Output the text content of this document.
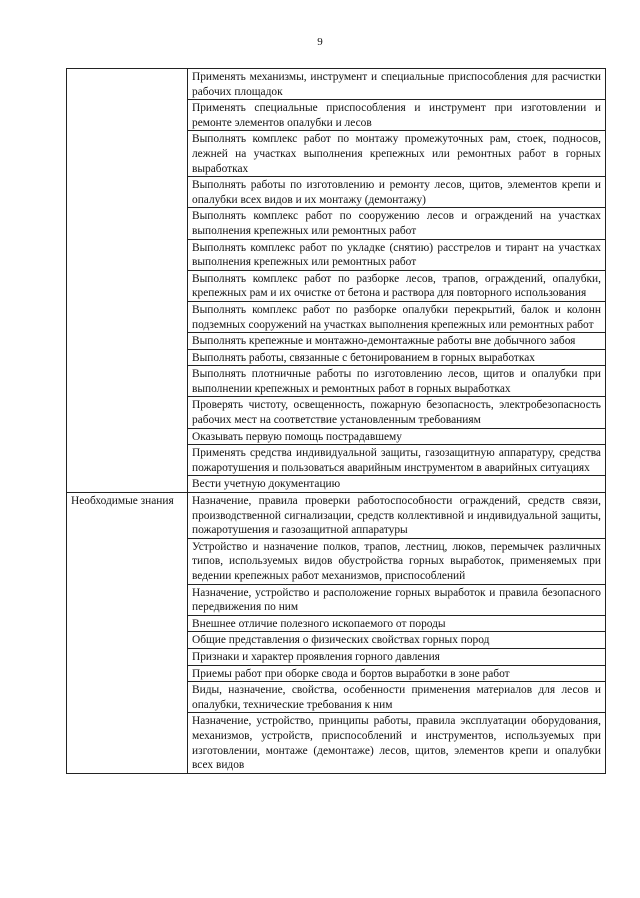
9

	Применять механизмы, инструмент и специальные приспособления для расчистки рабочих площадок

	Применять специальные приспособления и инструмент при изготовлении и ремонте элементов опалубки и лесов

	Выполнять комплекс работ по монтажу промежуточных рам, стоек, подносов, лежней на участках выполнения крепежных или ремонтных работ в горных выработках

	Выполнять работы по изготовлению и ремонту лесов, щитов, элементов крепи и опалубки всех видов и их монтажу (демонтажу)

	Выполнять комплекс работ по сооружению лесов и ограждений на участках выполнения крепежных или ремонтных работ

	Выполнять комплекс работ по укладке (снятию) расстрелов и тирант на участках выполнения крепежных или ремонтных работ

	Выполнять комплекс работ по разборке лесов, трапов, ограждений, опалубки, крепежных рам и их очистке от бетона и раствора для повторного использования

	Выполнять комплекс работ по разборке опалубки перекрытий, балок и колонн подземных сооружений на участках выполнения крепежных или ремонтных работ

	Выполнять крепежные и монтажно-демонтажные работы вне добычного забоя

	Выполнять работы, связанные с бетонированием в горных выработках

	Выполнять плотничные работы по изготовлению лесов, щитов и опалубки при выполнении крепежных и ремонтных работ в горных выработках

	Проверять чистоту, освещенность, пожарную безопасность, электробезопасность рабочих мест на соответствие установленным требованиям

	Оказывать первую помощь пострадавшему

	Применять средства индивидуальной защиты, газозащитную аппаратуру, средства пожаротушения и пользоваться аварийным инструментом в аварийных ситуациях

	Вести учетную документацию

Необходимые знания	Назначение, правила проверки работоспособности ограждений, средств связи, производственной сигнализации, средств коллективной и индивидуальной защиты, пожаротушения и газозащитной аппаратуры

	Устройство и назначение полков, трапов, лестниц, люков, перемычек различных типов, используемых видов обустройства горных выработок, применяемых при ведении крепежных работ механизмов, приспособлений

	Назначение, устройство и расположение горных выработок и правила безопасного передвижения по ним

	Внешнее отличие полезного ископаемого от породы

	Общие представления о физических свойствах горных пород

	Признаки и характер проявления горного давления

	Приемы работ при оборке свода и бортов выработки в зоне работ

	Виды, назначение, свойства, особенности применения материалов для лесов и опалубки, технические требования к ним

	Назначение, устройство, принципы работы, правила эксплуатации оборудования, механизмов, устройств, приспособлений и инструментов, используемых при изготовлении, монтаже (демонтаже) лесов, щитов, элементов крепи и опалубки всех видов
